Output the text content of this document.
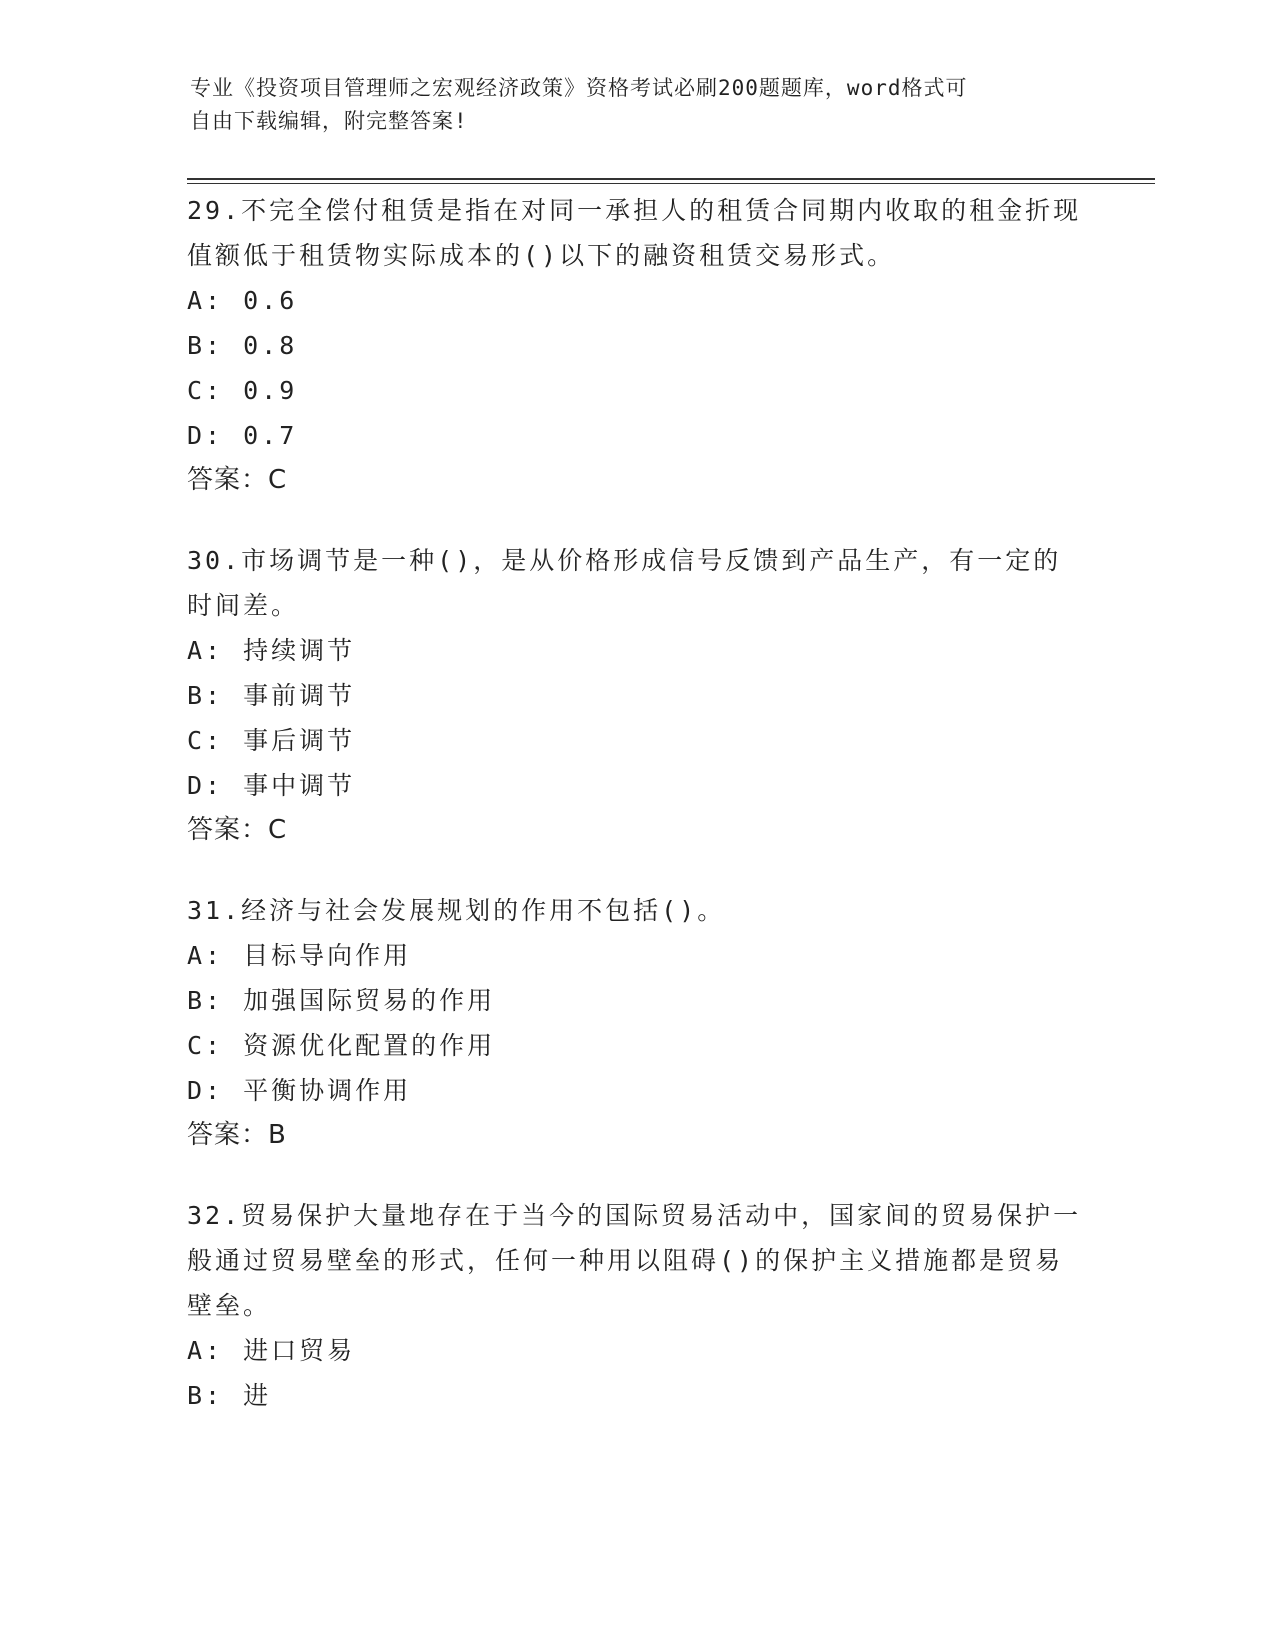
专业《投资项目管理师之宏观经济政策》资格考试必刷200题题库，word格式可
自由下载编辑，附完整答案!

29.不完全偿付租赁是指在对同一承担人的租赁合同期内收取的租金折现值额低于租赁物实际成本的()以下的融资租赁交易形式。

A: 0.6

B: 0.8

C: 0.9

D: 0.7

答案：C

30.市场调节是一种()，是从价格形成信号反馈到产品生产，有一定的时间差。

A: 持续调节

B: 事前调节

C: 事后调节

D: 事中调节

答案：C

31.经济与社会发展规划的作用不包括()。

A: 目标导向作用

B: 加强国际贸易的作用

C: 资源优化配置的作用

D: 平衡协调作用

答案：B

32.贸易保护大量地存在于当今的国际贸易活动中，国家间的贸易保护一般通过贸易壁垒的形式，任何一种用以阻碍()的保护主义措施都是贸易壁垒。

A: 进口贸易

B: 进
